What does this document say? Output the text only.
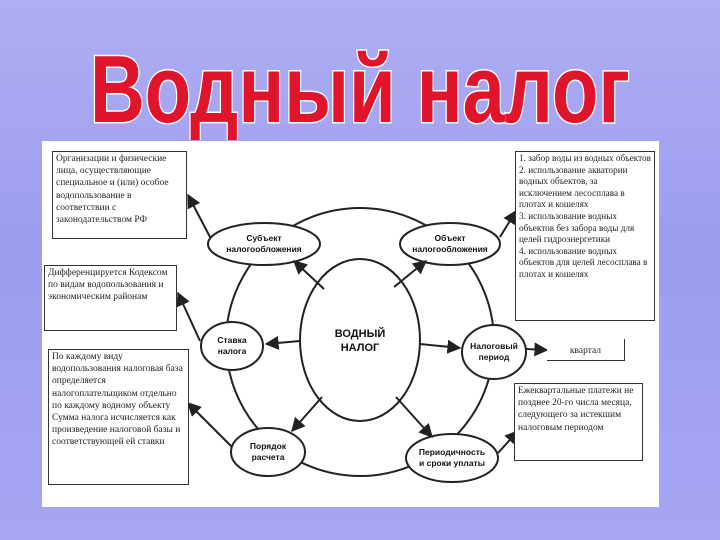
Водный налог
ВОДНЫЙ
НАЛОГ
Субъект
налогообложения
Объект
налогообложения
Ставка
налога	Налоговый
период
Порядок
расчета	Периодичность
и сроки уплаты
Организации и физические лица, осуществляющие специальное и (или) особое водопользование в соответствии с законодательством РФ
Дифференцируется Кодексом по видам водопользования и экономическим районам
По каждому виду водопользования налоговая база определяется налогоплательщиком отдельно по каждому водному объекту
Сумма налога исчисляется как произведение налоговой базы и соответствующей ей ставки
1. забор воды из водных объектов
2. использование акватории водных объектов, за исключением лесосплава в плотах и кошелях
3. использование водных объектов без забора воды для целей гидроэнергетики
4. использование водных объектов для целей лесосплава в плотах и кошелях
квартал
Ежеквартальные платежи не позднее 20-го числа месяца, следующего за истекшим налоговым периодом
